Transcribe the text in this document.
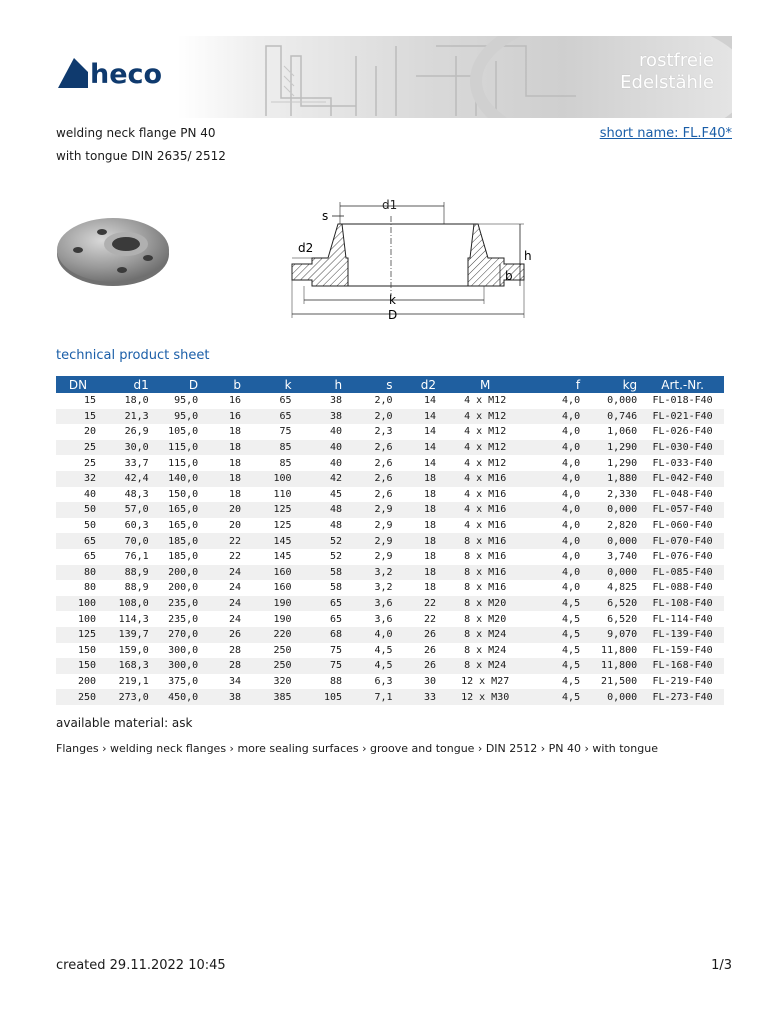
heco	rostfreie
Edelstähle
welding neck flange PN 40
with tongue DIN 2635/ 2512
short name: FL.F40*
s
d1
d2
h
b
k
D
technical product sheet
DN	d1	D	b	k	h	s	d2	M	f	kg	Art.-Nr.
15	18,0	95,0	16	65	38	2,0	14	4 x M12	4,0	0,000	FL-018-F40
15	21,3	95,0	16	65	38	2,0	14	4 x M12	4,0	0,746	FL-021-F40
20	26,9	105,0	18	75	40	2,3	14	4 x M12	4,0	1,060	FL-026-F40
25	30,0	115,0	18	85	40	2,6	14	4 x M12	4,0	1,290	FL-030-F40
25	33,7	115,0	18	85	40	2,6	14	4 x M12	4,0	1,290	FL-033-F40
32	42,4	140,0	18	100	42	2,6	18	4 x M16	4,0	1,880	FL-042-F40
40	48,3	150,0	18	110	45	2,6	18	4 x M16	4,0	2,330	FL-048-F40
50	57,0	165,0	20	125	48	2,9	18	4 x M16	4,0	0,000	FL-057-F40
50	60,3	165,0	20	125	48	2,9	18	4 x M16	4,0	2,820	FL-060-F40
65	70,0	185,0	22	145	52	2,9	18	8 x M16	4,0	0,000	FL-070-F40
65	76,1	185,0	22	145	52	2,9	18	8 x M16	4,0	3,740	FL-076-F40
80	88,9	200,0	24	160	58	3,2	18	8 x M16	4,0	0,000	FL-085-F40
80	88,9	200,0	24	160	58	3,2	18	8 x M16	4,0	4,825	FL-088-F40
100	108,0	235,0	24	190	65	3,6	22	8 x M20	4,5	6,520	FL-108-F40
100	114,3	235,0	24	190	65	3,6	22	8 x M20	4,5	6,520	FL-114-F40
125	139,7	270,0	26	220	68	4,0	26	8 x M24	4,5	9,070	FL-139-F40
150	159,0	300,0	28	250	75	4,5	26	8 x M24	4,5	11,800	FL-159-F40
150	168,3	300,0	28	250	75	4,5	26	8 x M24	4,5	11,800	FL-168-F40
200	219,1	375,0	34	320	88	6,3	30	12 x M27	4,5	21,500	FL-219-F40
250	273,0	450,0	38	385	105	7,1	33	12 x M30	4,5	0,000	FL-273-F40
available material: ask
Flanges › welding neck flanges › more sealing surfaces › groove and tongue › DIN 2512 › PN 40 › with tongue
created 29.11.2022 10:45	1/3
